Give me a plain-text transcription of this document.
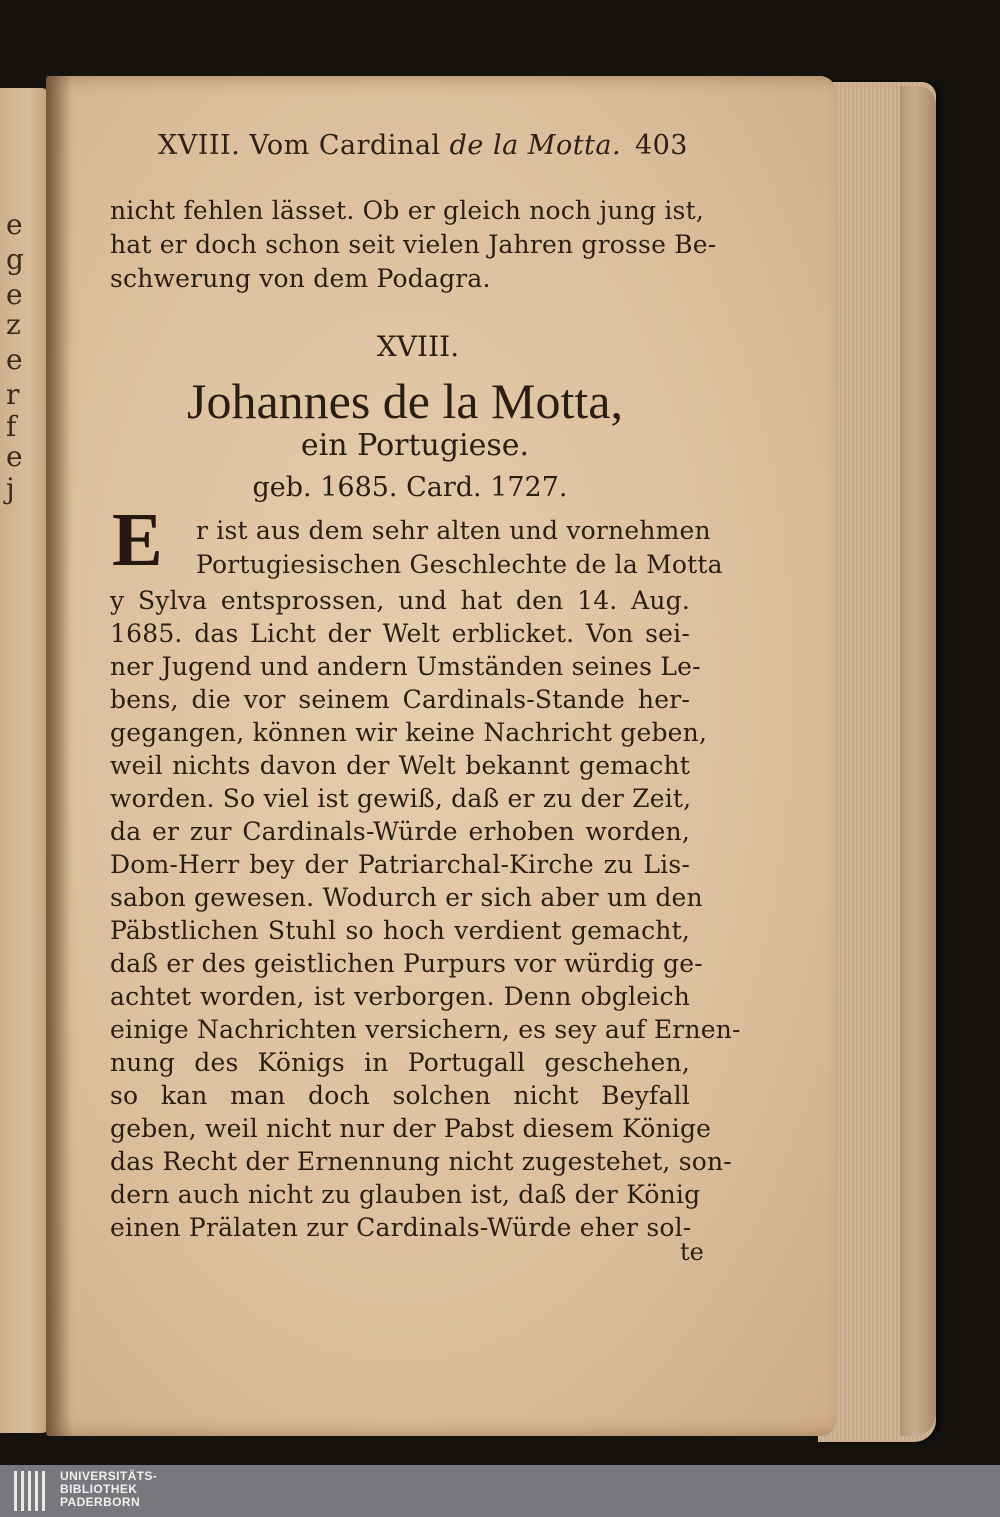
e
g
e
z
e
r
f
e
j
XVIII. Vom Cardinal de la Motta. 403
nicht fehlen lässet. Ob er gleich noch jung ist,
hat er doch schon seit vielen Jahren grosse Be-
schwerung von dem Podagra.
XVIII.
Johannes de la Motta,
ein Portugiese.
geb. 1685. Card. 1727.
E r ist aus dem sehr alten und vornehmen
Portugiesischen Geschlechte de la Motta
y Sylva entsprossen, und hat den 14. Aug.
1685. das Licht der Welt erblicket. Von sei-
ner Jugend und andern Umständen seines Le-
bens, die vor seinem Cardinals-Stande her-
gegangen, können wir keine Nachricht geben,
weil nichts davon der Welt bekannt gemacht
worden. So viel ist gewiß, daß er zu der Zeit,
da er zur Cardinals-Würde erhoben worden,
Dom-Herr bey der Patriarchal-Kirche zu Lis-
sabon gewesen. Wodurch er sich aber um den
Päbstlichen Stuhl so hoch verdient gemacht,
daß er des geistlichen Purpurs vor würdig ge-
achtet worden, ist verborgen. Denn obgleich
einige Nachrichten versichern, es sey auf Ernen-
nung des Königs in Portugall geschehen,
so kan man doch solchen nicht Beyfall
geben, weil nicht nur der Pabst diesem Könige
das Recht der Ernennung nicht zugestehet, son-
dern auch nicht zu glauben ist, daß der König
einen Prälaten zur Cardinals-Würde eher sol-
te
UNIVERSITÄTS-
BIBLIOTHEK
PADERBORN
